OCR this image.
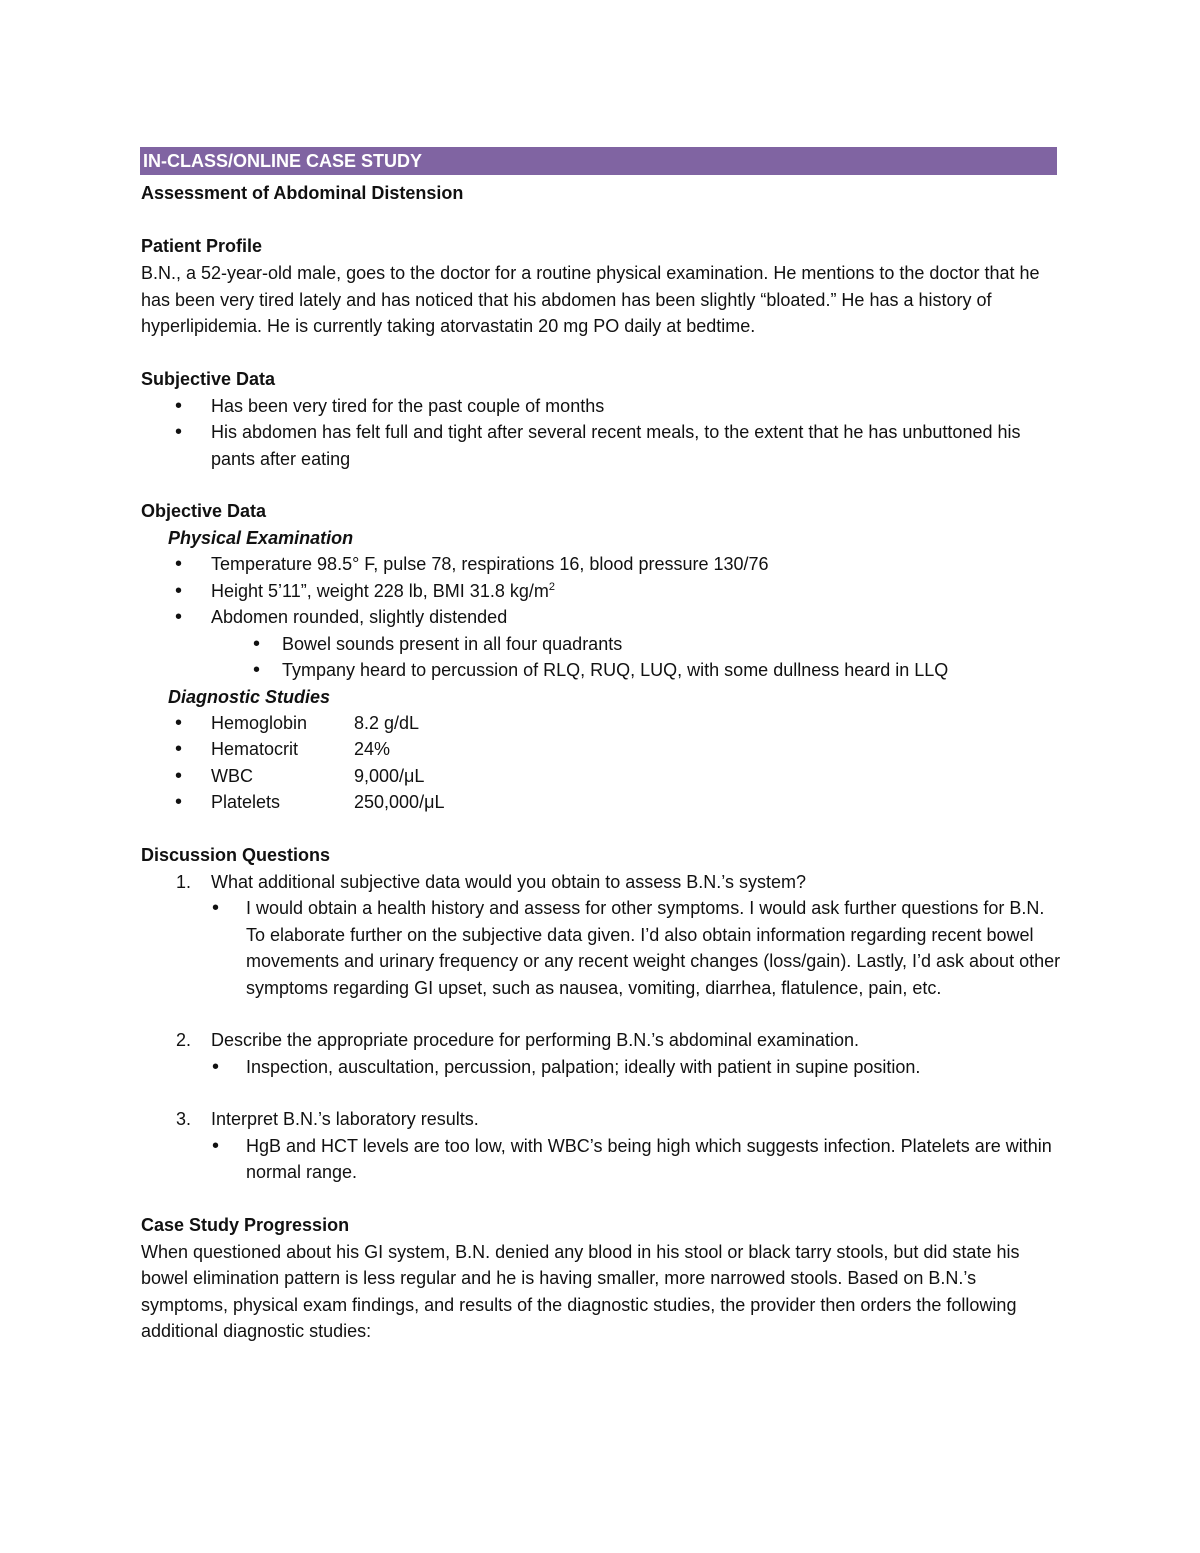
IN-CLASS/ONLINE CASE STUDY
Assessment of Abdominal Distension
Patient Profile

B.N., a 52-year-old male, goes to the doctor for a routine physical examination. He mentions to the doctor that he has been very tired lately and has noticed that his abdomen has been slightly “bloated.” He has a history of hyperlipidemia. He is currently taking atorvastatin 20 mg PO daily at bedtime.

Subjective Data
• Has been very tired for the past couple of months
• His abdomen has felt full and tight after several recent meals, to the extent that he has unbuttoned his pants after eating
Objective Data
Physical Examination
• Temperature 98.5° F, pulse 78, respirations 16, blood pressure 130/76
• Height 5’11”, weight 228 lb, BMI 31.8 $kg/m^2$
• Abdomen rounded, slightly distended
• Bowel sounds present in all four quadrants
• Tympany heard to percussion of RLQ, RUQ, LUQ, with some dullness heard in LLQ
Diagnostic Studies
• Hemoglobin	8.2 g/dL
• Hematocrit	24%
• WBC	9,000/μL
• Platelets	250,000/μL
Discussion Questions
1. What additional subjective data would you obtain to assess B.N.’s system?
• I would obtain a health history and assess for other symptoms. I would ask further questions for B.N. To elaborate further on the subjective data given. I’d also obtain information regarding recent bowel movements and urinary frequency or any recent weight changes (loss/gain). Lastly, I’d ask about other symptoms regarding GI upset, such as nausea, vomiting, diarrhea, flatulence, pain, etc.
2. Describe the appropriate procedure for performing B.N.’s abdominal examination.
• Inspection, auscultation, percussion, palpation; ideally with patient in supine position.
3. Interpret B.N.’s laboratory results.
• HgB and HCT levels are too low, with WBC’s being high which suggests infection. Platelets are within normal range.
Case Study Progression

When questioned about his GI system, B.N. denied any blood in his stool or black tarry stools, but did state his bowel elimination pattern is less regular and he is having smaller, more narrowed stools. Based on B.N.’s symptoms, physical exam findings, and results of the diagnostic studies, the provider then orders the following additional diagnostic studies:
